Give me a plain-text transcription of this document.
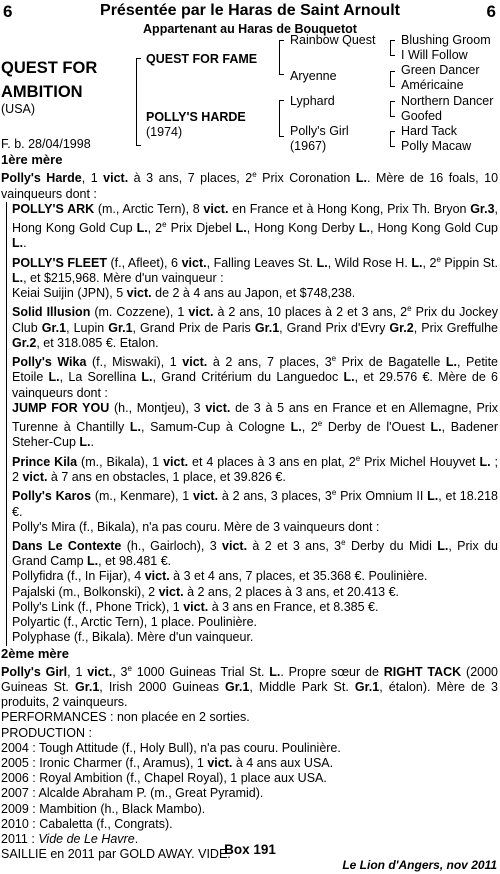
6	6
Présentée par le Haras de Saint Arnoult
Appartenant au Haras de Bouquetot
QUEST FOR
AMBITION
(USA)
F. b. 28/04/1998
QUEST FOR FAME
POLLY'S HARDE
(1974)
Rainbow Quest
Aryenne
Lyphard
Polly's Girl
(1967)
Blushing Groom
I Will Follow
Green Dancer
Américaine
Northern Dancer
Goofed
Hard Tack
Polly Macaw

1ère mère

Polly's Harde, 1 vict. à 3 ans, 7 places, 2e Prix Coronation L.. Mère de 16 foals, 10 vainqueurs dont :

POLLY'S ARK (m., Arctic Tern), 8 vict. en France et à Hong Kong, Prix Th. Bryon Gr.3, Hong Kong Gold Cup L., 2e Prix Djebel L., Hong Kong Derby L., Hong Kong Gold Cup L..

POLLY'S FLEET (f., Afleet), 6 vict., Falling Leaves St. L., Wild Rose H. L., 2e Pippin St. L., et $215,968. Mère d'un vainqueur :

Keiai Suijin (JPN), 5 vict. de 2 à 4 ans au Japon, et $748,238.

Solid Illusion (m. Cozzene), 1 vict. à 2 ans, 10 places à 2 et 3 ans, 2e Prix du Jockey Club Gr.1, Lupin Gr.1, Grand Prix de Paris Gr.1, Grand Prix d'Evry Gr.2, Prix Greffulhe Gr.2, et 318.085 €. Etalon.

Polly's Wika (f., Miswaki), 1 vict. à 2 ans, 7 places, 3e Prix de Bagatelle L., Petite Etoile L., La Sorellina L., Grand Critérium du Languedoc L., et 29.576 €. Mère de 6 vainqueurs dont :

JUMP FOR YOU (h., Montjeu), 3 vict. de 3 à 5 ans en France et en Allemagne, Prix Turenne à Chantilly L., Samum-Cup à Cologne L., 2e Derby de l'Ouest L., Badener Steher-Cup L..

Prince Kila (m., Bikala), 1 vict. et 4 places à 3 ans en plat, 2e Prix Michel Houyvet L. ; 2 vict. à 7 ans en obstacles, 1 place, et 39.826 €.

Polly's Karos (m., Kenmare), 1 vict. à 2 ans, 3 places, 3e Prix Omnium II L., et 18.218 €.

Polly's Mira (f., Bikala), n'a pas couru. Mère de 3 vainqueurs dont :

Dans Le Contexte (h., Gairloch), 3 vict. à 2 et 3 ans, 3e Derby du Midi L., Prix du Grand Camp L., et 98.481 €.

Pollyfidra (f., In Fijar), 4 vict. à 3 et 4 ans, 7 places, et 35.368 €. Poulinière.

Pajalski (m., Bolkonski), 2 vict. à 2 ans, 2 places à 3 ans, et 20.413 €.

Polly's Link (f., Phone Trick), 1 vict. à 3 ans en France, et 8.385 €.

Polyartic (f., Arctic Tern), 1 place. Poulinière.

Polyphase (f., Bikala). Mère d'un vainqueur.

2ème mère

Polly's Girl, 1 vict., 3e 1000 Guineas Trial St. L.. Propre sœur de RIGHT TACK (2000 Guineas St. Gr.1, Irish 2000 Guineas Gr.1, Middle Park St. Gr.1, étalon). Mère de 3 produits, 2 vainqueurs.

PERFORMANCES : non placée en 2 sorties.

PRODUCTION :

2004 : Tough Attitude (f., Holy Bull), n'a pas couru. Poulinière.

2005 : Ironic Charmer (f., Aramus), 1 vict. à 4 ans aux USA.

2006 : Royal Ambition (f., Chapel Royal), 1 place aux USA.

2007 : Alcalde Abraham P. (m., Great Pyramid).

2009 : Mambition (h., Black Mambo).

2010 : Cabaletta (f., Congrats).

2011 : Vide de Le Havre.

SAILLIE en 2011 par GOLD AWAY. VIDE.

Box 191
Le Lion d'Angers, nov 2011
